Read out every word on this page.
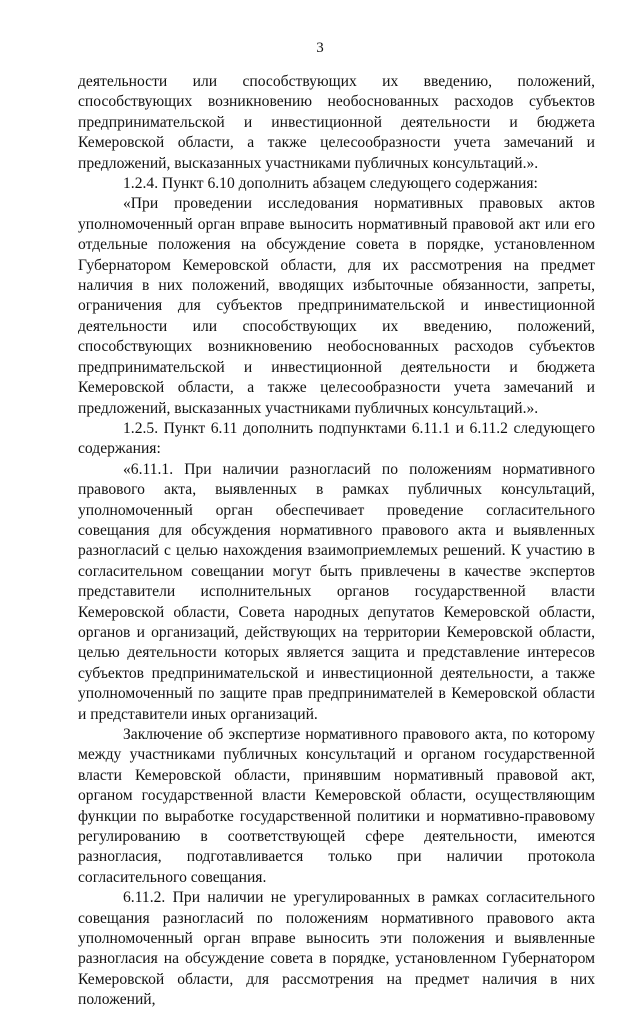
3

деятельности или способствующих их введению, положений, способствующих возникновению необоснованных расходов субъектов предпринимательской и инвестиционной деятельности и бюджета Кемеровской области, а также целесообразности учета замечаний и предложений, высказанных участниками публичных консультаций.».

1.2.4. Пункт 6.10 дополнить абзацем следующего содержания:

«При проведении исследования нормативных правовых актов уполномоченный орган вправе выносить нормативный правовой акт или его отдельные положения на обсуждение совета в порядке, установленном Губернатором Кемеровской области, для их рассмотрения на предмет наличия в них положений, вводящих избыточные обязанности, запреты, ограничения для субъектов предпринимательской и инвестиционной деятельности или способствующих их введению, положений, способствующих возникновению необоснованных расходов субъектов предпринимательской и инвестиционной деятельности и бюджета Кемеровской области, а также целесообразности учета замечаний и предложений, высказанных участниками публичных консультаций.».

1.2.5. Пункт 6.11 дополнить подпунктами 6.11.1 и 6.11.2 следующего содержания:

«6.11.1. При наличии разногласий по положениям нормативного правового акта, выявленных в рамках публичных консультаций, уполномоченный орган обеспечивает проведение согласительного совещания для обсуждения нормативного правового акта и выявленных разногласий с целью нахождения взаимоприемлемых решений. К участию в согласительном совещании могут быть привлечены в качестве экспертов представители исполнительных органов государственной власти Кемеровской области, Совета народных депутатов Кемеровской области, органов и организаций, действующих на территории Кемеровской области, целью деятельности которых является защита и представление интересов субъектов предпринимательской и инвестиционной деятельности, а также уполномоченный по защите прав предпринимателей в Кемеровской области и представители иных организаций.

Заключение об экспертизе нормативного правового акта, по которому между участниками публичных консультаций и органом государственной власти Кемеровской области, принявшим нормативный правовой акт, органом государственной власти Кемеровской области, осуществляющим функции по выработке государственной политики и нормативно-правовому регулированию в соответствующей сфере деятельности, имеются разногласия, подготавливается только при наличии протокола согласительного совещания.

6.11.2. При наличии не урегулированных в рамках согласительного совещания разногласий по положениям нормативного правового акта уполномоченный орган вправе выносить эти положения и выявленные разногласия на обсуждение совета в порядке, установленном Губернатором Кемеровской области, для рассмотрения на предмет наличия в них положений,
